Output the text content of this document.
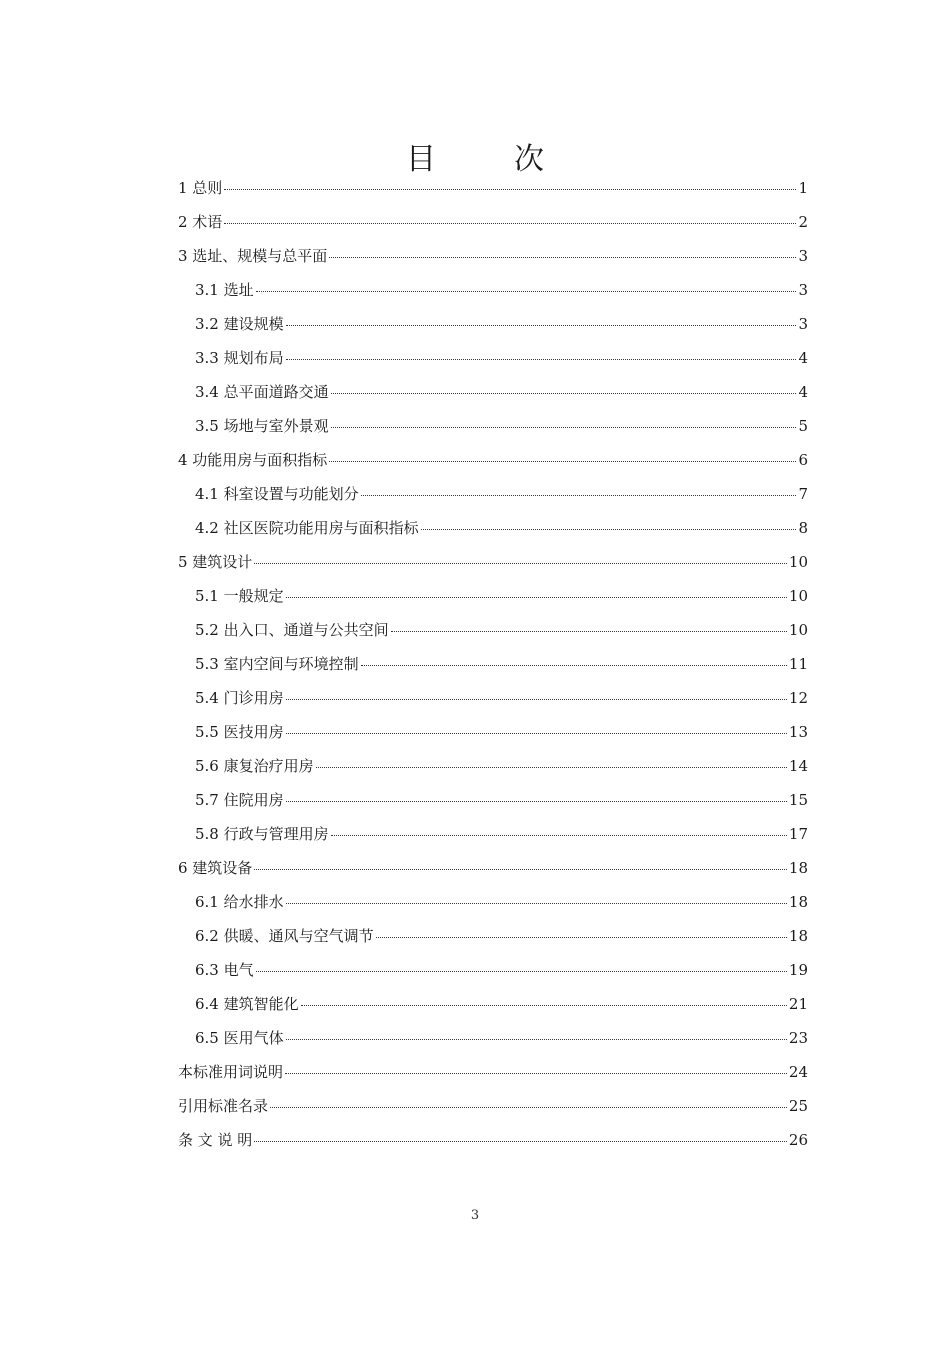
目　次
1 总则	1
2 术语	2
3 选址、规模与总平面	3
3.1 选址	3
3.2 建设规模	3
3.3 规划布局	4
3.4 总平面道路交通	4
3.5 场地与室外景观	5
4 功能用房与面积指标	6
4.1 科室设置与功能划分	7
4.2 社区医院功能用房与面积指标	8
5 建筑设计	10
5.1 一般规定	10
5.2 出入口、通道与公共空间	10
5.3 室内空间与环境控制	11
5.4 门诊用房	12
5.5 医技用房	13
5.6 康复治疗用房	14
5.7 住院用房	15
5.8 行政与管理用房	17
6 建筑设备	18
6.1 给水排水	18
6.2 供暖、通风与空气调节	18
6.3 电气	19
6.4 建筑智能化	21
6.5 医用气体	23
本标准用词说明	24
引用标准名录	25
条 文 说 明	26
3
